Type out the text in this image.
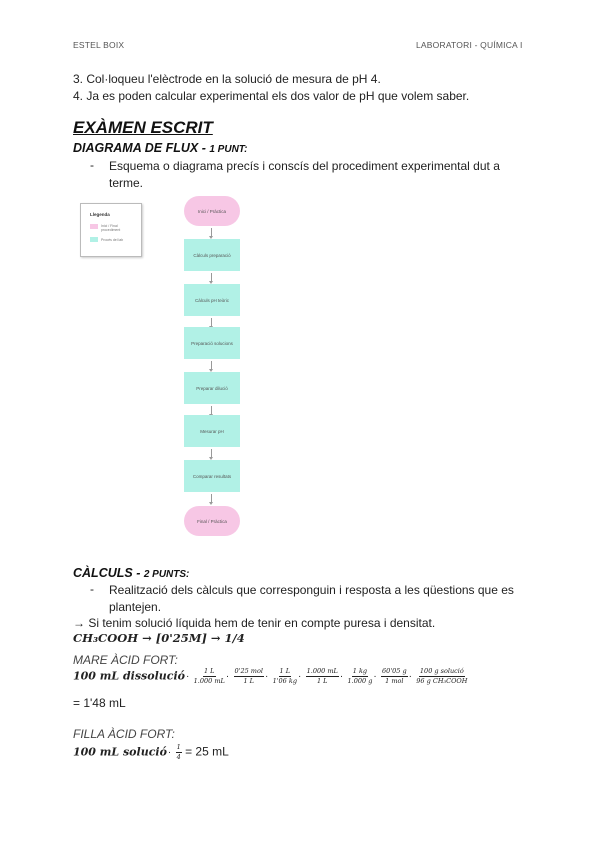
ESTEL BOIX	LABORATORI - QUÍMICA I
3. Col·loqueu l'elèctrode en la solució de mesura de pH 4.
4. Ja es poden calcular experimental els dos valor de pH que volem saber.
EXÀMEN ESCRIT
DIAGRAMA DE FLUX - 1 PUNT:
- Esquema o diagrama precís i conscís del procediment experimental dut a terme.
Llegenda
Inici / Final procediment
Procés del lab
Inici / Pràctica
Càlculs preparació
Càlculs pH teòric
Preparació solucions
Preparar dilució
Mesurar pH
Comparar resultats
Final / Pràctica
CÀLCULS - 2 PUNTS:
- Realització dels càlculs que corresponguin i resposta a les qüestions que es plantejen.
→ Si tenim solució líquida hem de tenir en compte puresa i densitat.
CH₃COOH → [0'25M] → 1/4
MARE ÀCID FORT:
100 mL dissolució· $\frac{1 L}{1.000 mL} \cdot \frac{\text{0'25 mol}}{1 L} \cdot \frac{1 L}{1'06 kg} \cdot \frac{1.000 mL}{1 L} \cdot \frac{1 kg}{1.000 g} \cdot \frac{60'05 g}{\text{1 mol}} \cdot \frac{\text{100 g solució}}{\text{96 g CH₃COOH}}$
= 1'48 mL
FILLA ÀCID FORT:
100 mL solució· $\frac{1}{4} = 25$ mL
